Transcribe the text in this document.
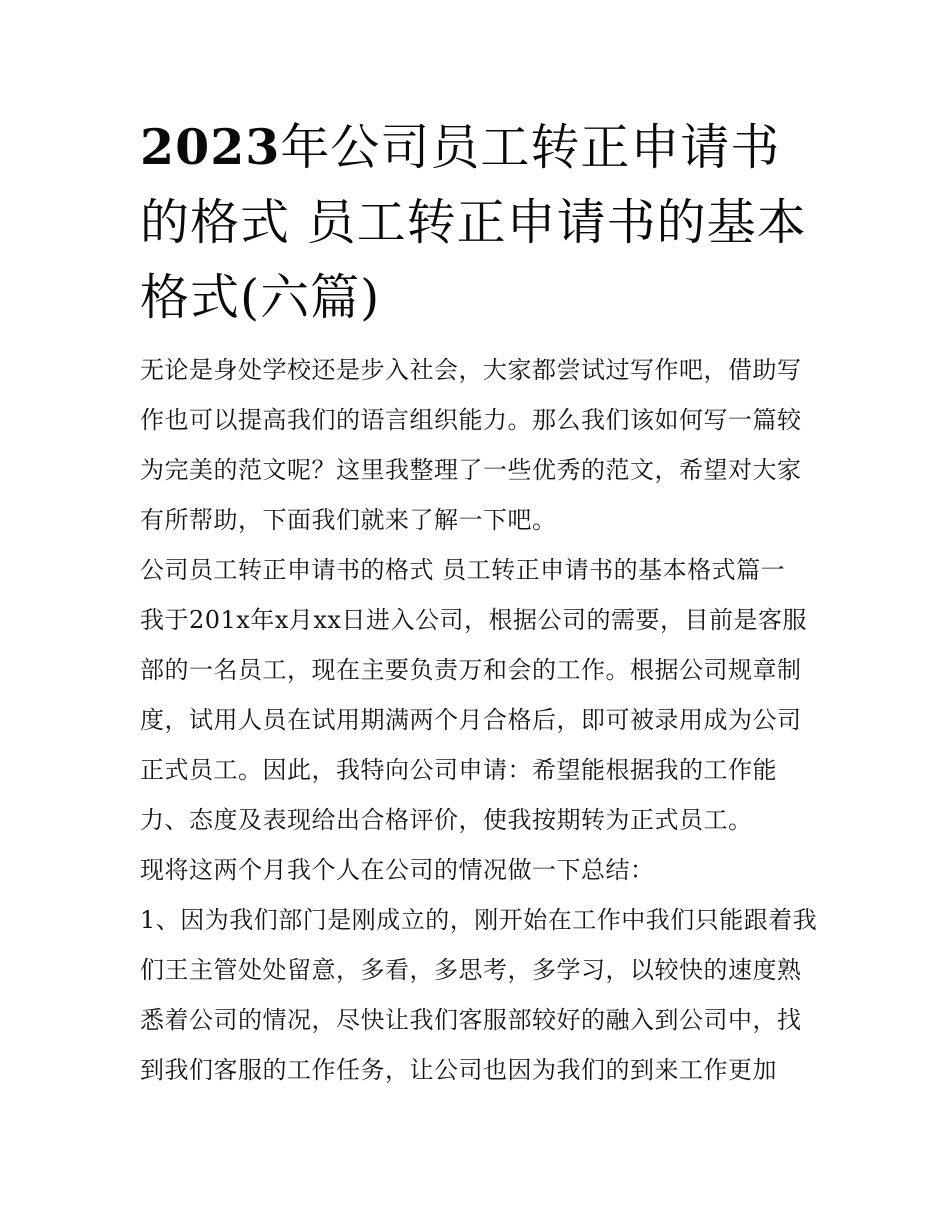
2023年公司员工转正申请书的格式 员工转正申请书的基本格式(六篇)

无论是身处学校还是步入社会，大家都尝试过写作吧，借助写作也可以提高我们的语言组织能力。那么我们该如何写一篇较为完美的范文呢？这里我整理了一些优秀的范文，希望对大家有所帮助，下面我们就来了解一下吧。

公司员工转正申请书的格式 员工转正申请书的基本格式篇一

我于201x年x月xx日进入公司，根据公司的需要，目前是客服部的一名员工，现在主要负责万和会的工作。根据公司规章制度，试用人员在试用期满两个月合格后，即可被录用成为公司正式员工。因此，我特向公司申请：希望能根据我的工作能力、态度及表现给出合格评价，使我按期转为正式员工。

现将这两个月我个人在公司的情况做一下总结：

1、因为我们部门是刚成立的，刚开始在工作中我们只能跟着我们王主管处处留意，多看，多思考，多学习，以较快的速度熟悉着公司的情况，尽快让我们客服部较好的融入到公司中，找到我们客服的工作任务，让公司也因为我们的到来工作更加
